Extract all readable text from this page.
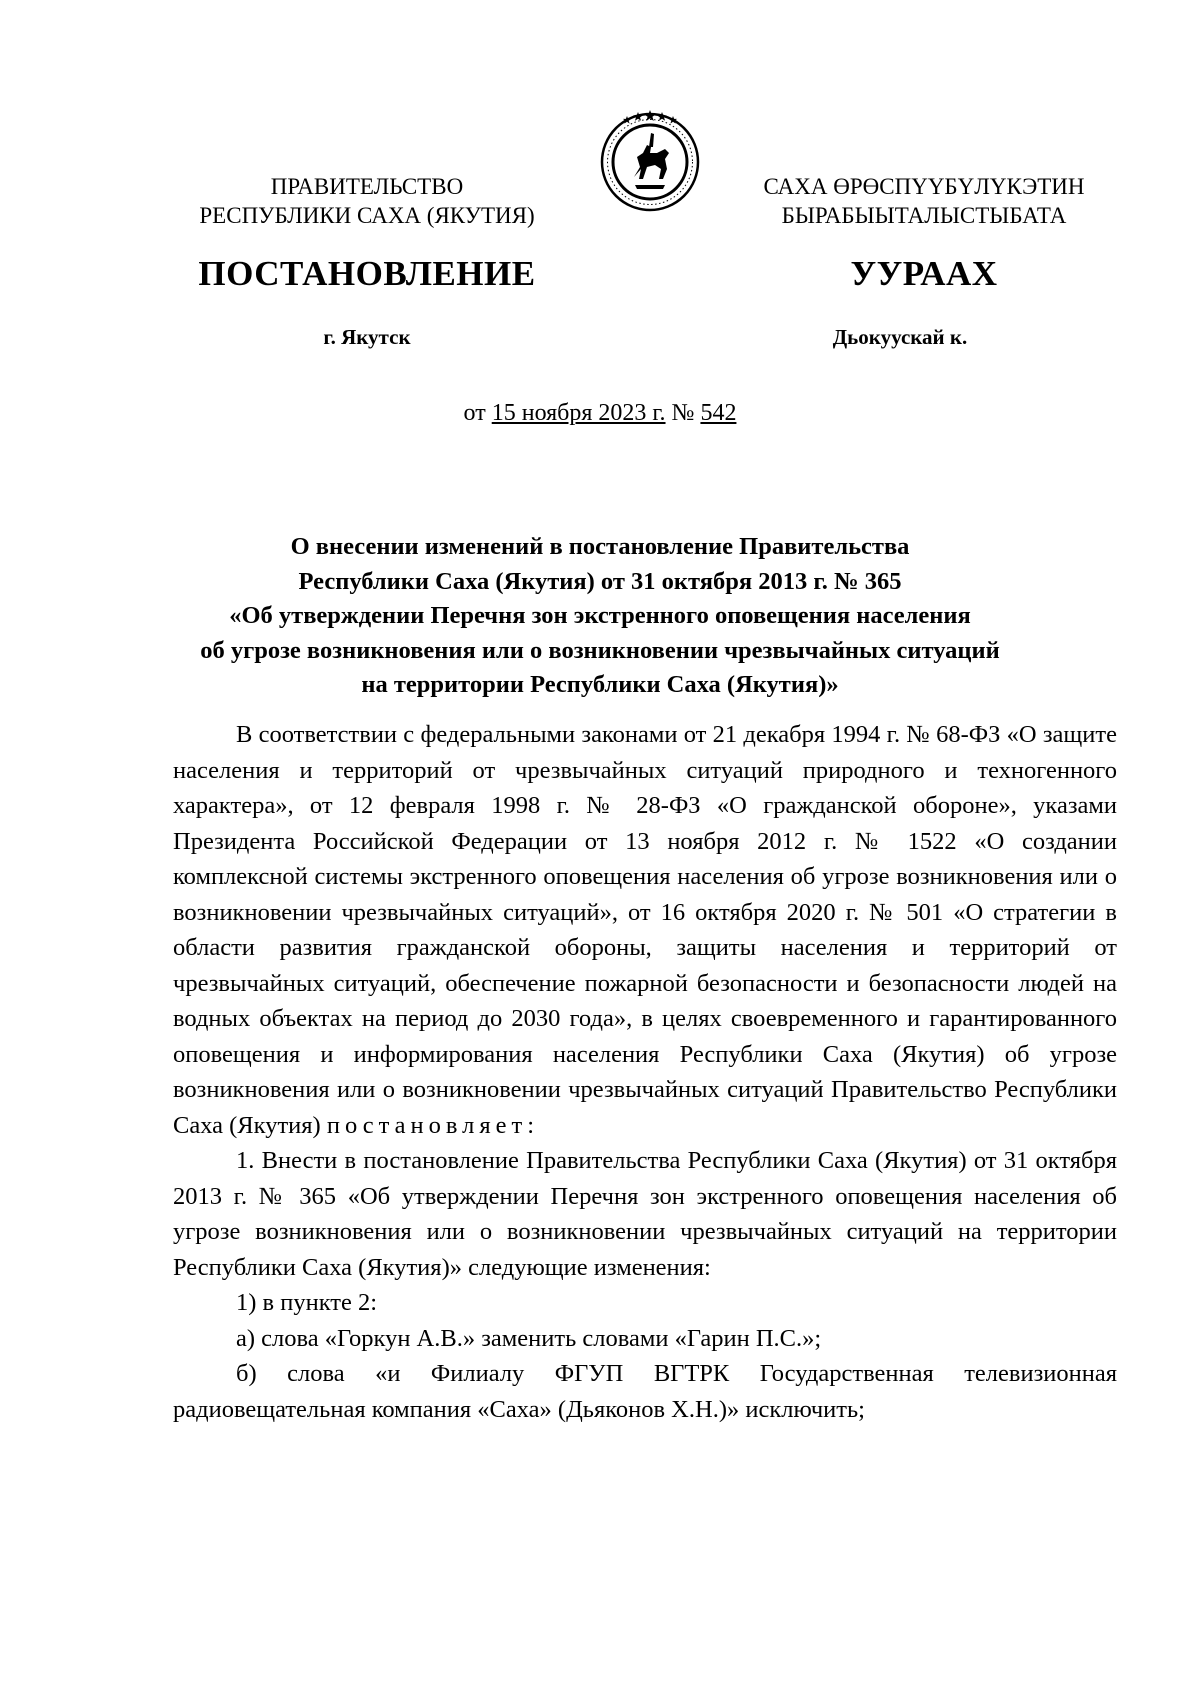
ПРАВИТЕЛЬСТВО
РЕСПУБЛИКИ САХА (ЯКУТИЯ)
САХА ӨРӨСПҮҮБҮЛҮКЭТИН
БЫРАБЫЫТАЛЫСТЫБАТА
ПОСТАНОВЛЕНИЕ	УУРААХ
г. Якутск	Дьокуускай к.
от 15 ноября 2023 г. № 542
О внесении изменений в постановление Правительства
Республики Саха (Якутия) от 31 октября 2013 г. № 365
«Об утверждении Перечня зон экстренного оповещения населения
об угрозе возникновения или о возникновении чрезвычайных ситуаций
на территории Республики Саха (Якутия)»

В соответствии с федеральными законами от 21 декабря 1994 г. № 68-ФЗ «О защите населения и территорий от чрезвычайных ситуаций природного и техногенного характера», от 12 февраля 1998 г. № 28-ФЗ «О гражданской обороне», указами Президента Российской Федерации от 13 ноября 2012 г. № 1522 «О создании комплексной системы экстренного оповещения населения об угрозе возникновения или о возникновении чрезвычайных ситуаций», от 16 октября 2020 г. № 501 «О стратегии в области развития гражданской обороны, защиты населения и территорий от чрезвычайных ситуаций, обеспечение пожарной безопасности и безопасности людей на водных объектах на период до 2030 года», в целях своевременного и гарантированного оповещения и информирования населения Республики Саха (Якутия) об угрозе возникновения или о возникновении чрезвычайных ситуаций Правительство Республики Саха (Якутия) постановляет:

1. Внести в постановление Правительства Республики Саха (Якутия) от 31 октября 2013 г. № 365 «Об утверждении Перечня зон экстренного оповещения населения об угрозе возникновения или о возникновении чрезвычайных ситуаций на территории Республики Саха (Якутия)» следующие изменения:

1) в пункте 2:

а) слова «Горкун А.В.» заменить словами «Гарин П.С.»;

б) слова «и Филиалу ФГУП ВГТРК Государственная телевизионная радиовещательная компания «Саха» (Дьяконов Х.Н.)» исключить;
